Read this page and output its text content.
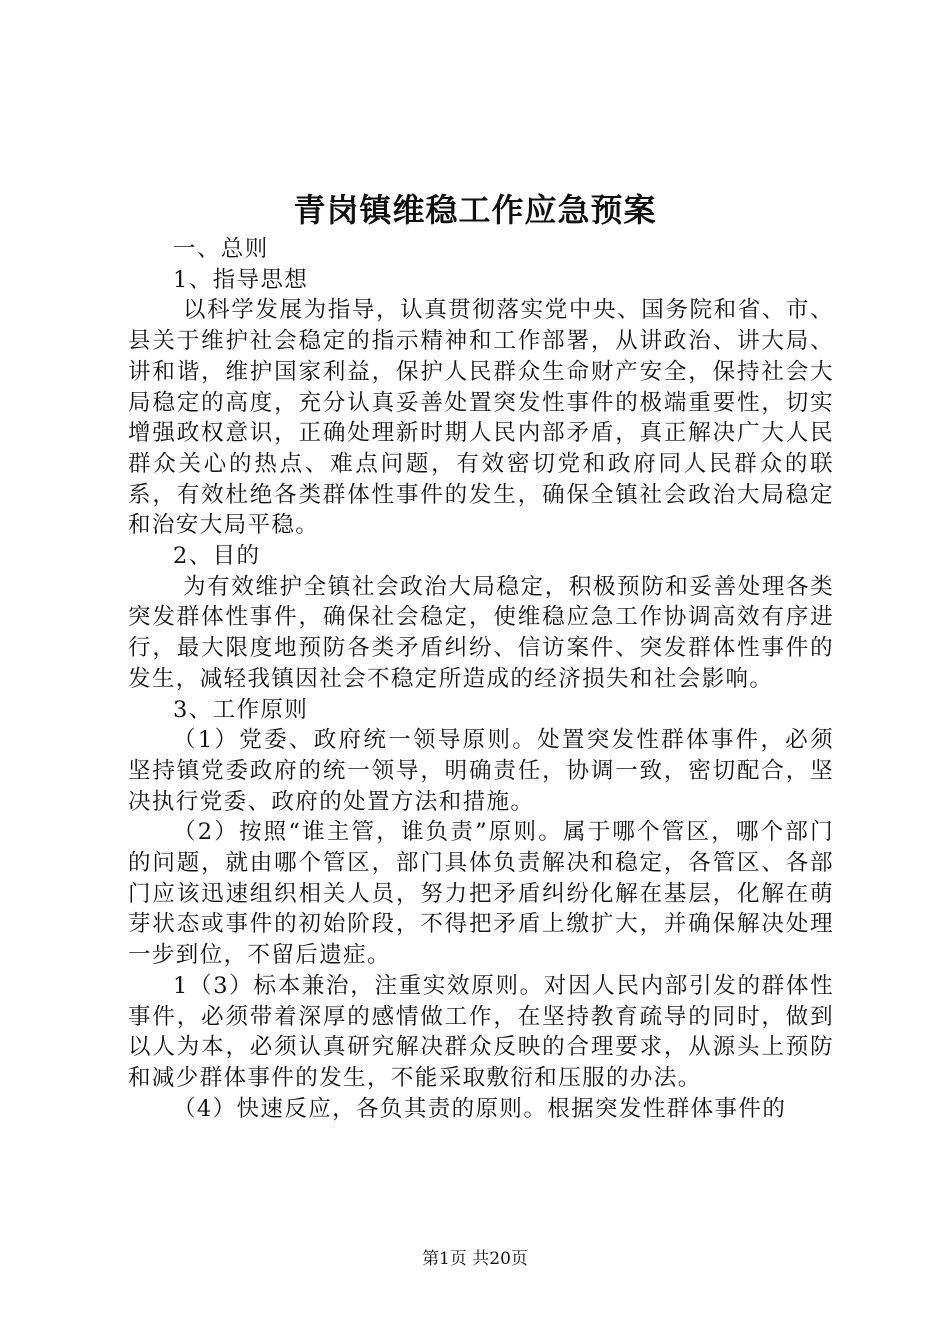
青岗镇维稳工作应急预案

一、总则

1、指导思想

以科学发展为指导，认真贯彻落实党中央、国务院和省、市、县关于维护社会稳定的指示精神和工作部署，从讲政治、讲大局、讲和谐，维护国家利益，保护人民群众生命财产安全，保持社会大局稳定的高度，充分认真妥善处置突发性事件的极端重要性，切实增强政权意识，正确处理新时期人民内部矛盾，真正解决广大人民群众关心的热点、难点问题，有效密切党和政府同人民群众的联系，有效杜绝各类群体性事件的发生，确保全镇社会政治大局稳定和治安大局平稳。

2、目的

为有效维护全镇社会政治大局稳定，积极预防和妥善处理各类突发群体性事件，确保社会稳定，使维稳应急工作协调高效有序进行，最大限度地预防各类矛盾纠纷、信访案件、突发群体性事件的发生，减轻我镇因社会不稳定所造成的经济损失和社会影响。

3、工作原则

（1）党委、政府统一领导原则。处置突发性群体事件，必须坚持镇党委政府的统一领导，明确责任，协调一致，密切配合，坚决执行党委、政府的处置方法和措施。

（2）按照“谁主管，谁负责”原则。属于哪个管区，哪个部门的问题，就由哪个管区，部门具体负责解决和稳定，各管区、各部门应该迅速组织相关人员，努力把矛盾纠纷化解在基层，化解在萌芽状态或事件的初始阶段，不得把矛盾上缴扩大，并确保解决处理一步到位，不留后遗症。

1（3）标本兼治，注重实效原则。对因人民内部引发的群体性事件，必须带着深厚的感情做工作，在坚持教育疏导的同时，做到以人为本，必须认真研究解决群众反映的合理要求，从源头上预防和减少群体事件的发生，不能采取敷衍和压服的办法。

（4）快速反应，各负其责的原则。根据突发性群体事件的

第1页 共20页
